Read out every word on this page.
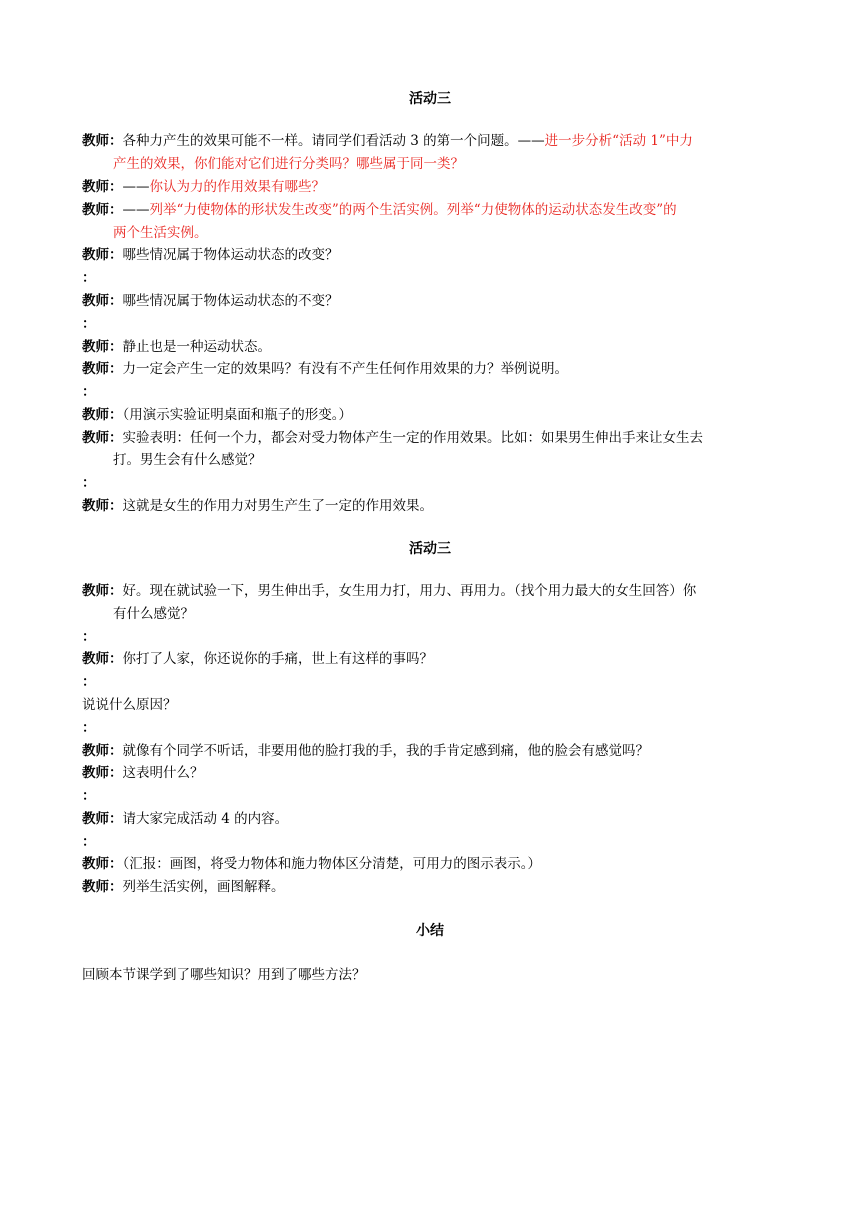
活动三
教师：各种力产生的效果可能不一样。请同学们看活动 3 的第一个问题。——进一步分析“活动 1”中力
产生的效果，你们能对它们进行分类吗？哪些属于同一类？
教师：——你认为力的作用效果有哪些？
教师：——列举“力使物体的形状发生改变”的两个生活实例。列举“力使物体的运动状态发生改变”的
两个生活实例。
教师：哪些情况属于物体运动状态的改变？
：
教师：哪些情况属于物体运动状态的不变？
：
教师：静止也是一种运动状态。
教师：力一定会产生一定的效果吗？有没有不产生任何作用效果的力？举例说明。
：
教师：（用演示实验证明桌面和瓶子的形变。）
教师：实验表明：任何一个力，都会对受力物体产生一定的作用效果。比如：如果男生伸出手来让女生去
打。男生会有什么感觉？
：
教师：这就是女生的作用力对男生产生了一定的作用效果。
活动三
教师：好。现在就试验一下，男生伸出手，女生用力打，用力、再用力。（找个用力最大的女生回答）你
有什么感觉？
：
教师：你打了人家，你还说你的手痛，世上有这样的事吗？
：
说说什么原因？
：
教师：就像有个同学不听话，非要用他的脸打我的手，我的手肯定感到痛，他的脸会有感觉吗？
教师：这表明什么？
：
教师：请大家完成活动 4 的内容。
：
教师：（汇报：画图，将受力物体和施力物体区分清楚，可用力的图示表示。）
教师：列举生活实例，画图解释。
小结
回顾本节课学到了哪些知识？用到了哪些方法？
